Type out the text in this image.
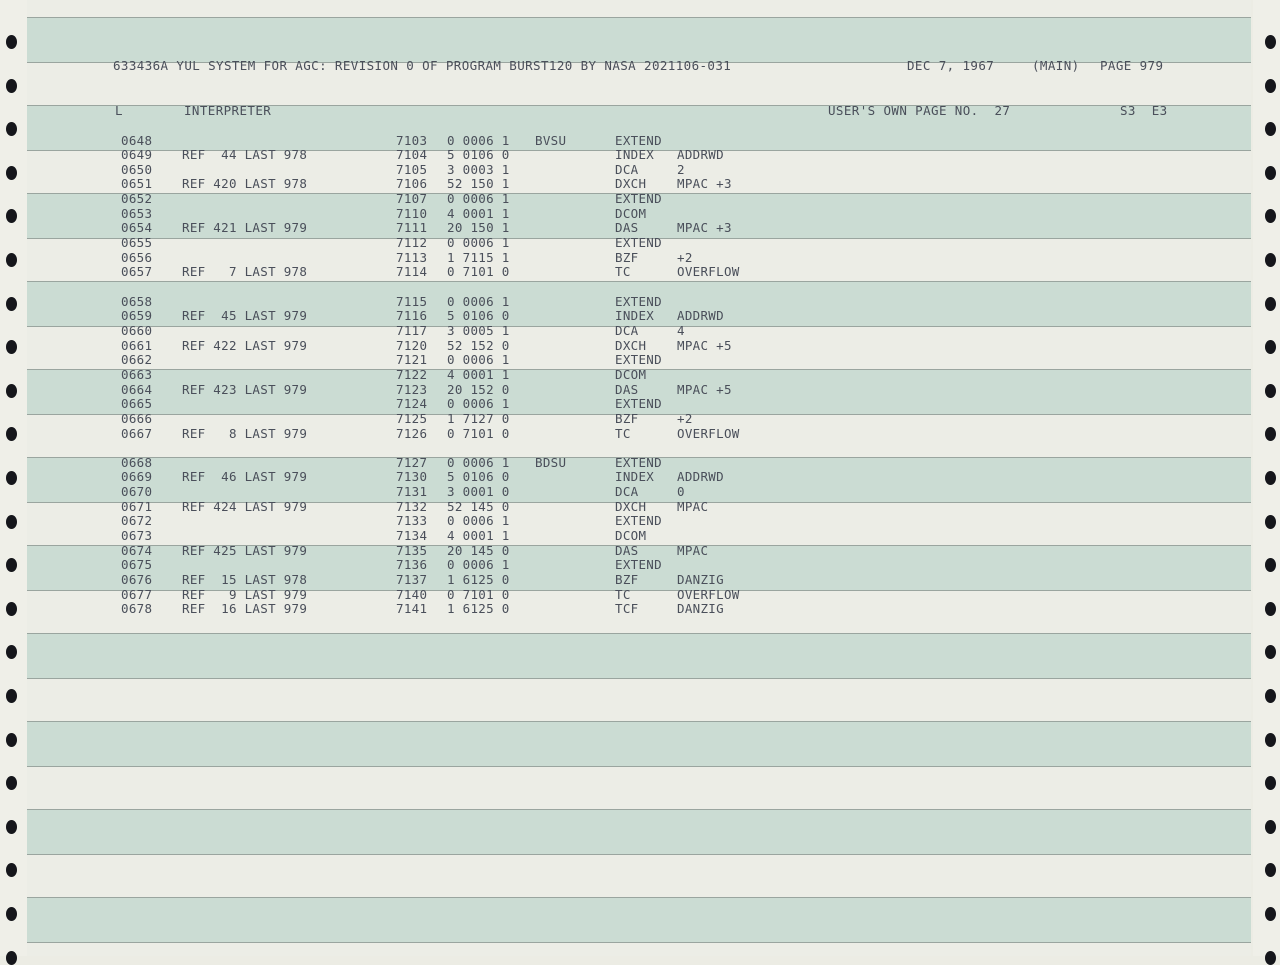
633436A YUL SYSTEM FOR AGC: REVISION 0 OF PROGRAM BURST120 BY NASA 2021106-031	DEC 7, 1967	(MAIN) PAGE 979
L	INTERPRETER	USER'S OWN PAGE NO.  27	S3  E3
0648	7103 0 0006 1 BVSU	EXTEND
0649 REF  44 LAST 978	7104 5 0106 0	INDEX ADDRWD
0650	7105 3 0003 1	DCA	2
0651 REF 420 LAST 978	7106 52 150 1	DXCH MPAC +3
0652	7107 0 0006 1	EXTEND
0653	7110 4 0001 1	DCOM
0654 REF 421 LAST 979	7111 20 150 1	DAS	MPAC +3
0655	7112 0 0006 1	EXTEND
0656	7113 1 7115 1	BZF	+2
0657 REF   7 LAST 978	7114 0 7101 0	TC	OVERFLOW
0658	7115 0 0006 1	EXTEND
0659 REF  45 LAST 979	7116 5 0106 0	INDEX ADDRWD
0660	7117 3 0005 1	DCA	4
0661 REF 422 LAST 979	7120 52 152 0	DXCH MPAC +5
0662	7121 0 0006 1	EXTEND
0663	7122 4 0001 1	DCOM
0664 REF 423 LAST 979	7123 20 152 0	DAS	MPAC +5
0665	7124 0 0006 1	EXTEND
0666	7125 1 7127 0	BZF	+2
0667 REF   8 LAST 979	7126 0 7101 0	TC	OVERFLOW
0668	7127 0 0006 1 BDSU	EXTEND
0669 REF  46 LAST 979	7130 5 0106 0	INDEX ADDRWD
0670	7131 3 0001 0	DCA	0
0671 REF 424 LAST 979	7132 52 145 0	DXCH MPAC
0672	7133 0 0006 1	EXTEND
0673	7134 4 0001 1	DCOM
0674 REF 425 LAST 979	7135 20 145 0	DAS	MPAC
0675	7136 0 0006 1	EXTEND
0676 REF  15 LAST 978	7137 1 6125 0	BZF	DANZIG
0677 REF   9 LAST 979	7140 0 7101 0	TC	OVERFLOW
0678 REF  16 LAST 979	7141 1 6125 0	TCF	DANZIG
